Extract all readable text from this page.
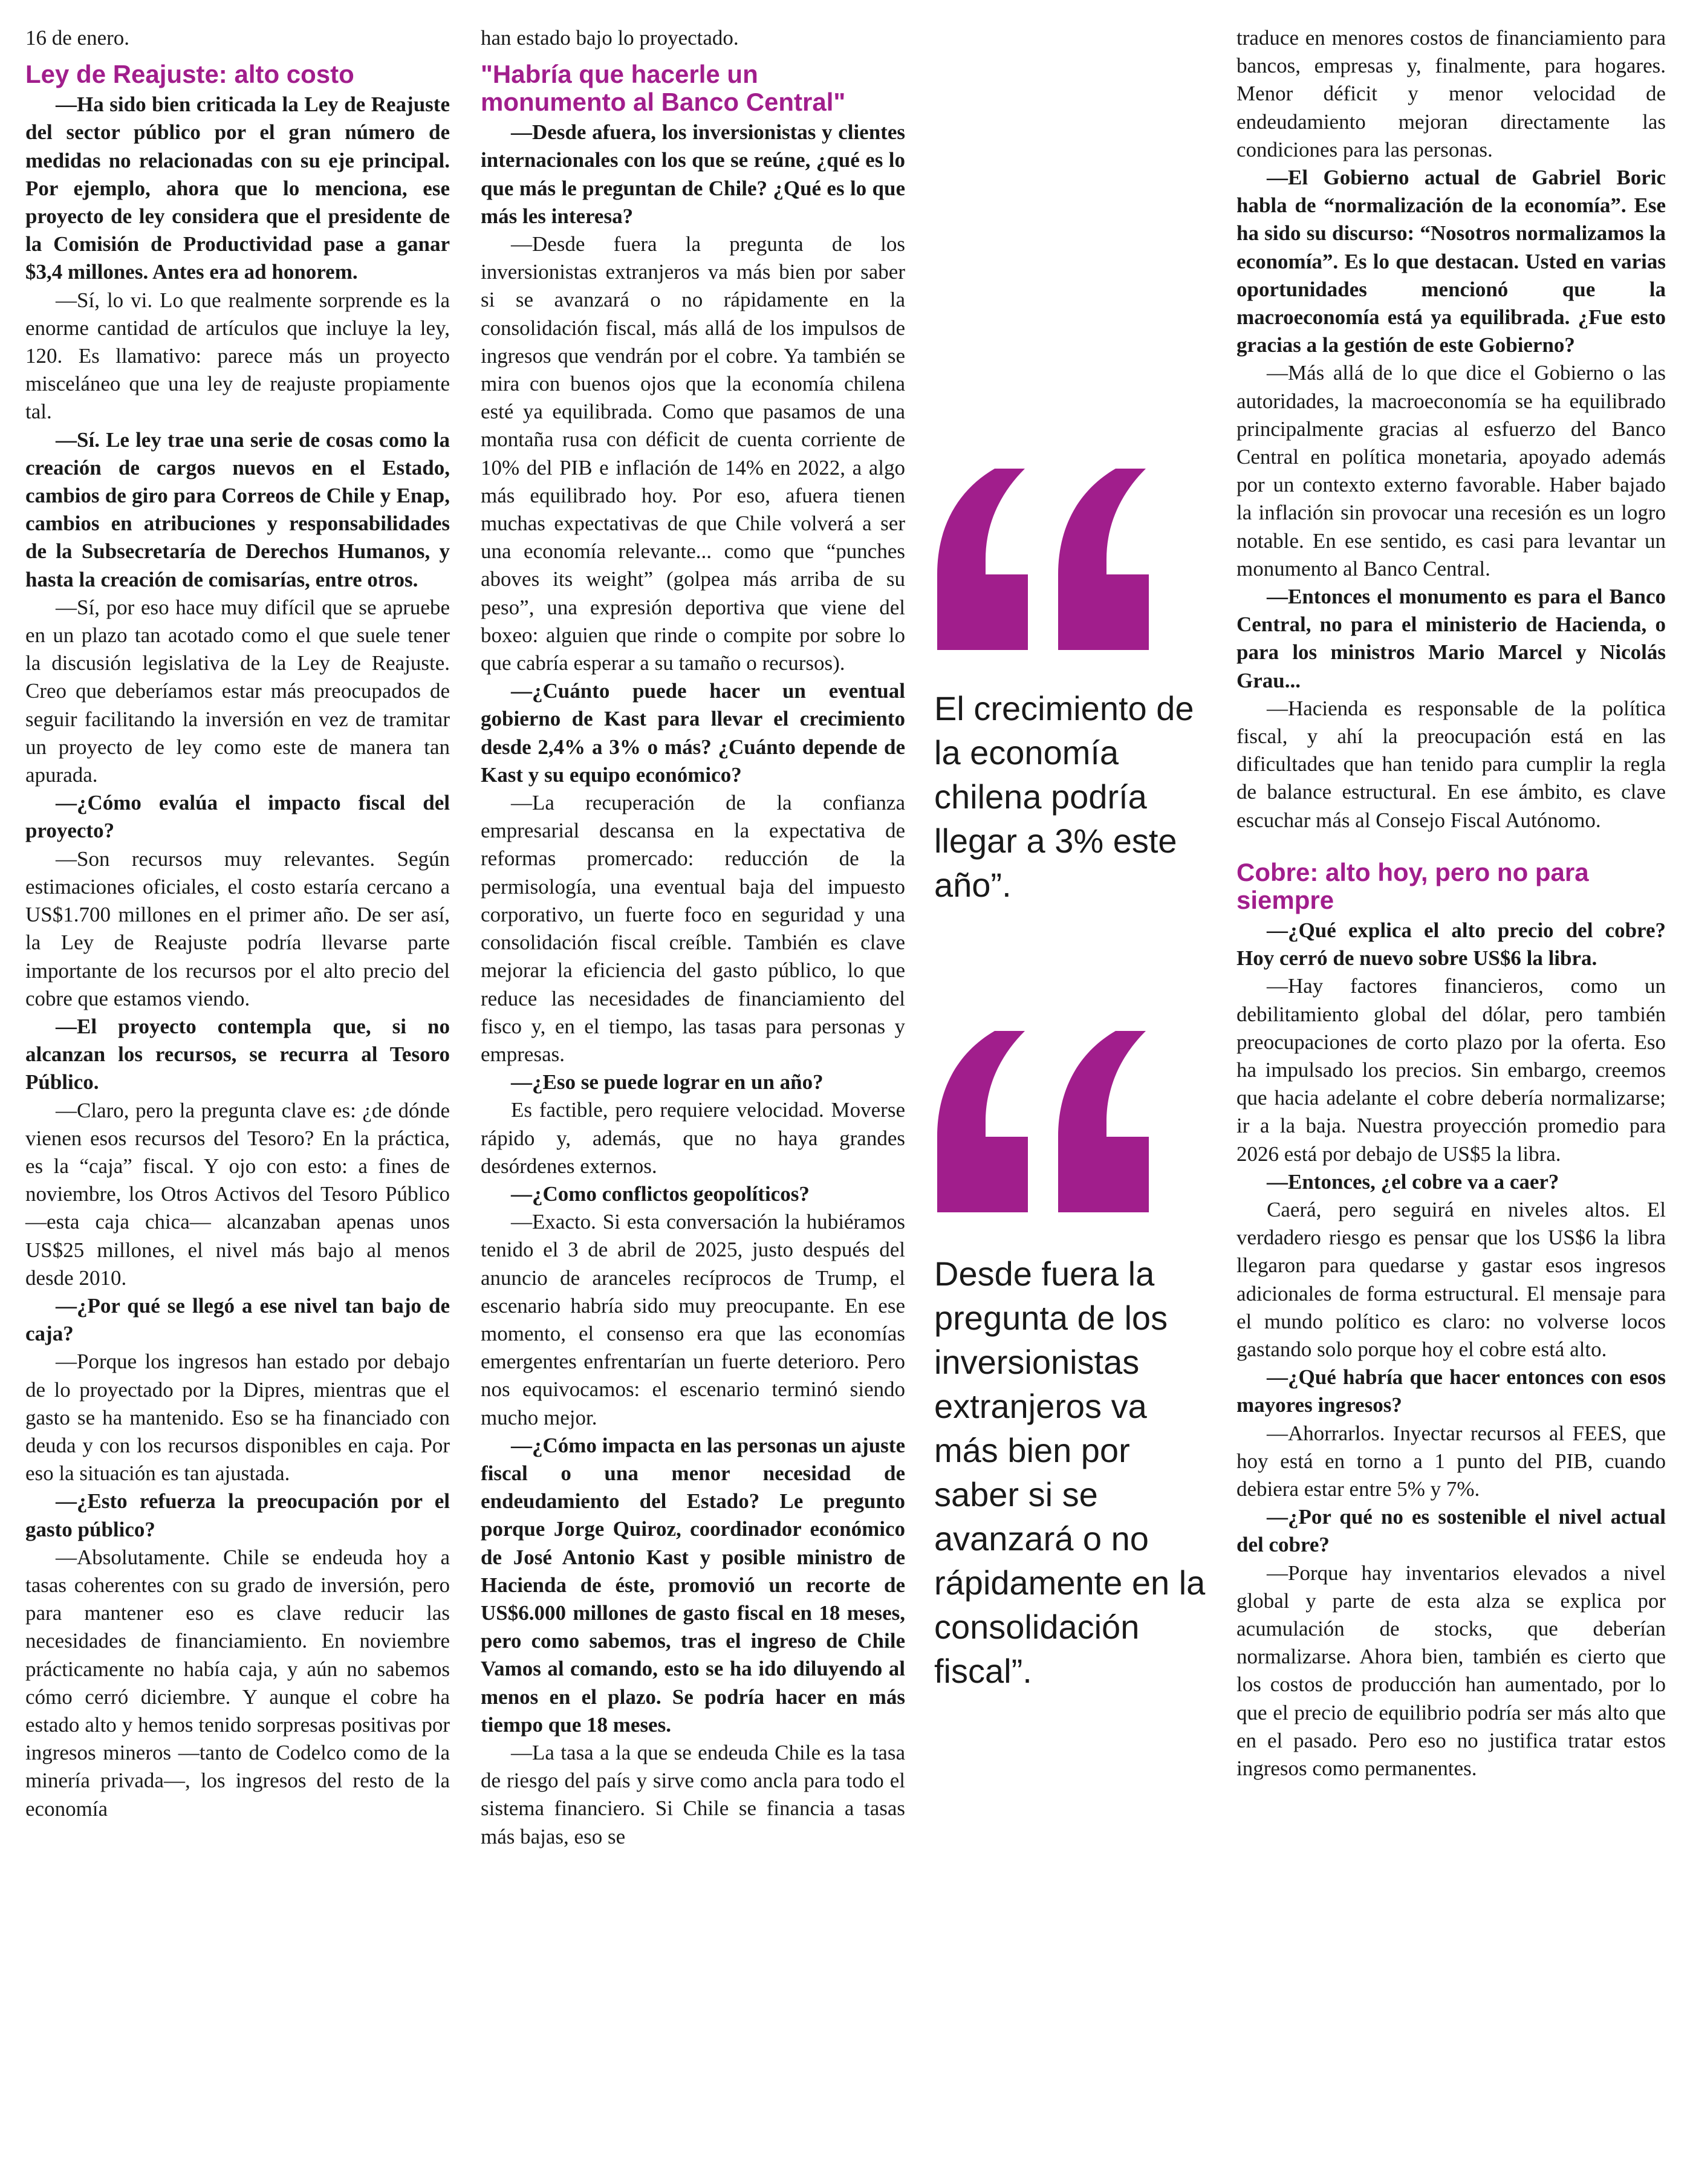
16 de enero.

Ley de Reajuste: alto costo

—Ha sido bien criticada la Ley de Reajuste del sector público por el gran número de medidas no relacionadas con su eje principal. Por ejemplo, ahora que lo menciona, ese proyecto de ley considera que el presidente de la Comisión de Productividad pase a ganar $3,4 millones. Antes era ad honorem.

—Sí, lo vi. Lo que realmente sorprende es la enorme cantidad de artículos que incluye la ley, 120. Es llamativo: parece más un proyecto misceláneo que una ley de reajuste propiamente tal.

—Sí. Le ley trae una serie de cosas como la creación de cargos nuevos en el Estado, cambios de giro para Correos de Chile y Enap, cambios en atribuciones y responsabilidades de la Subsecretaría de Derechos Humanos, y hasta la creación de comisarías, entre otros.

—Sí, por eso hace muy difícil que se apruebe en un plazo tan acotado como el que suele tener la discusión legislativa de la Ley de Reajuste. Creo que deberíamos estar más preocupados de seguir facilitando la inversión en vez de tramitar un proyecto de ley como este de manera tan apurada.

—¿Cómo evalúa el impacto fiscal del proyecto?

—Son recursos muy relevantes. Según estimaciones oficiales, el costo estaría cercano a US$1.700 millones en el primer año. De ser así, la Ley de Reajuste podría llevarse parte importante de los recursos por el alto precio del cobre que estamos viendo.

—El proyecto contempla que, si no alcanzan los recursos, se recurra al Tesoro Público.

—Claro, pero la pregunta clave es: ¿de dónde vienen esos recursos del Tesoro? En la práctica, es la “caja” fiscal. Y ojo con esto: a fines de noviembre, los Otros Activos del Tesoro Público —esta caja chica— alcanzaban apenas unos US$25 millones, el nivel más bajo al menos desde 2010.

—¿Por qué se llegó a ese nivel tan bajo de caja?

—Porque los ingresos han estado por debajo de lo proyectado por la Dipres, mientras que el gasto se ha mantenido. Eso se ha financiado con deuda y con los recursos disponibles en caja. Por eso la situación es tan ajustada.

—¿Esto refuerza la preocupación por el gasto público?

—Absolutamente. Chile se endeuda hoy a tasas coherentes con su grado de inversión, pero para mantener eso es clave reducir las necesidades de financiamiento. En noviembre prácticamente no había caja, y aún no sabemos cómo cerró diciembre. Y aunque el cobre ha estado alto y hemos tenido sorpresas positivas por ingresos mineros —tanto de Codelco como de la minería privada—, los ingresos del resto de la economía

han estado bajo lo proyectado.

"Habría que hacerle un monumento al Banco Central"

—Desde afuera, los inversionistas y clientes internacionales con los que se reúne, ¿qué es lo que más le preguntan de Chile? ¿Qué es lo que más les interesa?

—Desde fuera la pregunta de los inversionistas extranjeros va más bien por saber si se avanzará o no rápidamente en la consolidación fiscal, más allá de los impulsos de ingresos que vendrán por el cobre. Ya también se mira con buenos ojos que la economía chilena esté ya equilibrada. Como que pasamos de una montaña rusa con déficit de cuenta corriente de 10% del PIB e inflación de 14% en 2022, a algo más equilibrado hoy. Por eso, afuera tienen muchas expectativas de que Chile volverá a ser una economía relevante... como que “punches aboves its weight” (golpea más arriba de su peso”, una expresión deportiva que viene del boxeo: alguien que rinde o compite por sobre lo que cabría esperar a su tamaño o recursos).

—¿Cuánto puede hacer un eventual gobierno de Kast para llevar el crecimiento desde 2,4% a 3% o más? ¿Cuánto depende de Kast y su equipo económico?

—La recuperación de la confianza empresarial descansa en la expectativa de reformas promercado: reducción de la permisología, una eventual baja del impuesto corporativo, un fuerte foco en seguridad y una consolidación fiscal creíble. También es clave mejorar la eficiencia del gasto público, lo que reduce las necesidades de financiamiento del fisco y, en el tiempo, las tasas para personas y empresas.

—¿Eso se puede lograr en un año?

Es factible, pero requiere velocidad. Moverse rápido y, además, que no haya grandes desórdenes externos.

—¿Como conflictos geopolíticos?

—Exacto. Si esta conversación la hubiéramos tenido el 3 de abril de 2025, justo después del anuncio de aranceles recíprocos de Trump, el escenario habría sido muy preocupante. En ese momento, el consenso era que las economías emergentes enfrentarían un fuerte deterioro. Pero nos equivocamos: el escenario terminó siendo mucho mejor.

—¿Cómo impacta en las personas un ajuste fiscal o una menor necesidad de endeudamiento del Estado? Le pregunto porque Jorge Quiroz, coordinador económico de José Antonio Kast y posible ministro de Hacienda de éste, promovió un recorte de US$6.000 millones de gasto fiscal en 18 meses, pero como sabemos, tras el ingreso de Chile Vamos al comando, esto se ha ido diluyendo al menos en el plazo. Se podría hacer en más tiempo que 18 meses.

—La tasa a la que se endeuda Chile es la tasa de riesgo del país y sirve como ancla para todo el sistema financiero. Si Chile se financia a tasas más bajas, eso se

El crecimiento de la economía chilena podría llegar a 3% este año”.

Desde fuera la pregunta de los inversionistas extranjeros va más bien por saber si se avanzará o no rápidamente en la consolidación fiscal”.

traduce en menores costos de financiamiento para bancos, empresas y, finalmente, para hogares. Menor déficit y menor velocidad de endeudamiento mejoran directamente las condiciones para las personas.

—El Gobierno actual de Gabriel Boric habla de “normalización de la economía”. Ese ha sido su discurso: “Nosotros normalizamos la economía”. Es lo que destacan. Usted en varias oportunidades mencionó que la macroeconomía está ya equilibrada. ¿Fue esto gracias a la gestión de este Gobierno?

—Más allá de lo que dice el Gobierno o las autoridades, la macroeconomía se ha equilibrado principalmente gracias al esfuerzo del Banco Central en política monetaria, apoyado además por un contexto externo favorable. Haber bajado la inflación sin provocar una recesión es un logro notable. En ese sentido, es casi para levantar un monumento al Banco Central.

—Entonces el monumento es para el Banco Central, no para el ministerio de Hacienda, o para los ministros Mario Marcel y Nicolás Grau...

—Hacienda es responsable de la política fiscal, y ahí la preocupación está en las dificultades que han tenido para cumplir la regla de balance estructural. En ese ámbito, es clave escuchar más al Consejo Fiscal Autónomo.

Cobre: alto hoy, pero no para siempre

—¿Qué explica el alto precio del cobre? Hoy cerró de nuevo sobre US$6 la libra.

—Hay factores financieros, como un debilitamiento global del dólar, pero también preocupaciones de corto plazo por la oferta. Eso ha impulsado los precios. Sin embargo, creemos que hacia adelante el cobre debería normalizarse; ir a la baja. Nuestra proyección promedio para 2026 está por debajo de US$5 la libra.

—Entonces, ¿el cobre va a caer?

Caerá, pero seguirá en niveles altos. El verdadero riesgo es pensar que los US$6 la libra llegaron para quedarse y gastar esos ingresos adicionales de forma estructural. El mensaje para el mundo político es claro: no volverse locos gastando solo porque hoy el cobre está alto.

—¿Qué habría que hacer entonces con esos mayores ingresos?

—Ahorrarlos. Inyectar recursos al FEES, que hoy está en torno a 1 punto del PIB, cuando debiera estar entre 5% y 7%.

—¿Por qué no es sostenible el nivel actual del cobre?

—Porque hay inventarios elevados a nivel global y parte de esta alza se explica por acumulación de stocks, que deberían normalizarse. Ahora bien, también es cierto que los costos de producción han aumentado, por lo que el precio de equilibrio podría ser más alto que en el pasado. Pero eso no justifica tratar estos ingresos como permanentes.
